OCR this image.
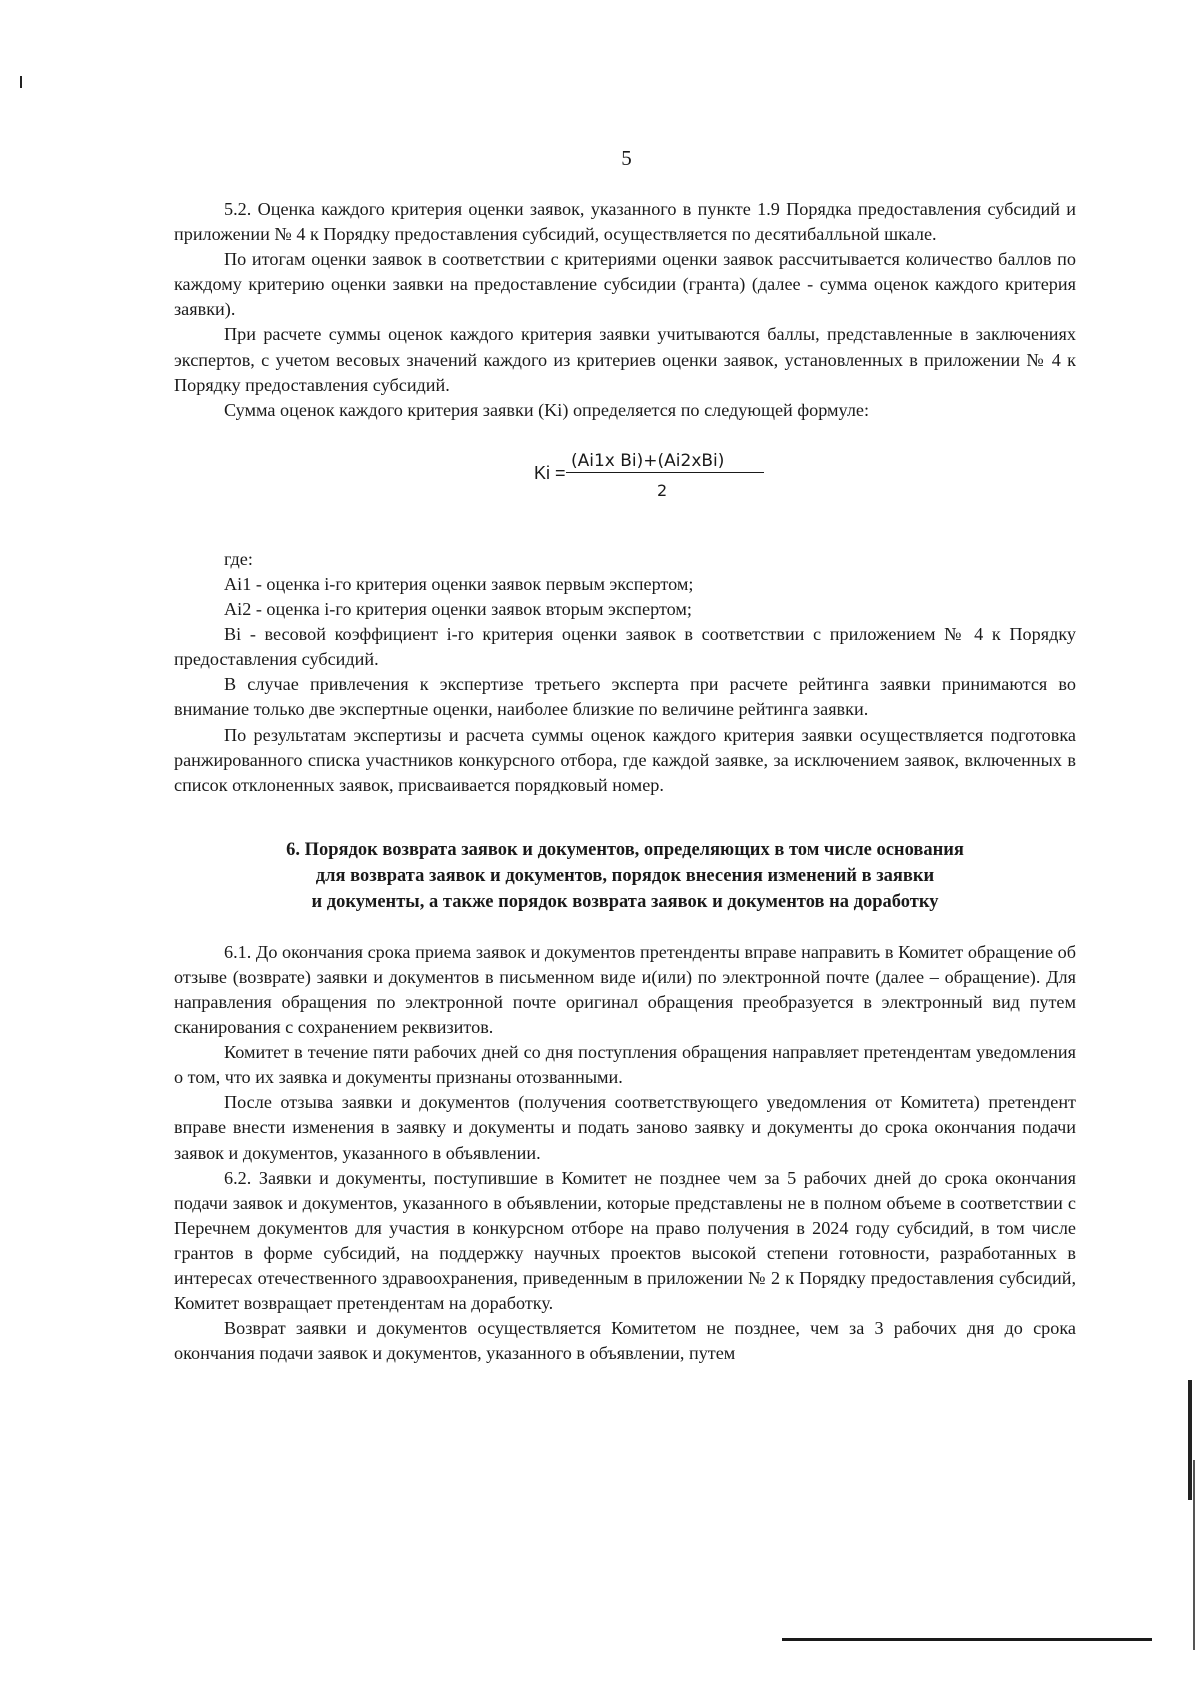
5

5.2. Оценка каждого критерия оценки заявок, указанного в пункте 1.9 Порядка предоставления субсидий и приложении № 4 к Порядку предоставления субсидий, осуществляется по десятибалльной шкале.

По итогам оценки заявок в соответствии с критериями оценки заявок рассчитывается количество баллов по каждому критерию оценки заявки на предоставление субсидии (гранта) (далее - сумма оценок каждого критерия заявки).

При расчете суммы оценок каждого критерия заявки учитываются баллы, представленные в заключениях экспертов, с учетом весовых значений каждого из критериев оценки заявок, установленных в приложении № 4 к Порядку предоставления субсидий.

Сумма оценок каждого критерия заявки (Ki) определяется по следующей формуле:

Ki =
(Ai1x Bi)+(Ai2xBi)
2

где:

Ai1 - оценка i-го критерия оценки заявок первым экспертом;

Ai2 - оценка i-го критерия оценки заявок вторым экспертом;

Bi - весовой коэффициент i-го критерия оценки заявок в соответствии с приложением № 4 к Порядку предоставления субсидий.

В случае привлечения к экспертизе третьего эксперта при расчете рейтинга заявки принимаются во внимание только две экспертные оценки, наиболее близкие по величине рейтинга заявки.

По результатам экспертизы и расчета суммы оценок каждого критерия заявки осуществляется подготовка ранжированного списка участников конкурсного отбора, где каждой заявке, за исключением заявок, включенных в список отклоненных заявок, присваивается порядковый номер.

6. Порядок возврата заявок и документов, определяющих в том числе основания
для возврата заявок и документов, порядок внесения изменений в заявки
и документы, а также порядок возврата заявок и документов на доработку

6.1. До окончания срока приема заявок и документов претенденты вправе направить в Комитет обращение об отзыве (возврате) заявки и документов в письменном виде и(или) по электронной почте (далее – обращение). Для направления обращения по электронной почте оригинал обращения преобразуется в электронный вид путем сканирования с сохранением реквизитов.

Комитет в течение пяти рабочих дней со дня поступления обращения направляет претендентам уведомления о том, что их заявка и документы признаны отозванными.

После отзыва заявки и документов (получения соответствующего уведомления от Комитета) претендент вправе внести изменения в заявку и документы и подать заново заявку и документы до срока окончания подачи заявок и документов, указанного в объявлении.

6.2. Заявки и документы, поступившие в Комитет не позднее чем за 5 рабочих дней до срока окончания подачи заявок и документов, указанного в объявлении, которые представлены не в полном объеме в соответствии с Перечнем документов для участия в конкурсном отборе на право получения в 2024 году субсидий, в том числе грантов в форме субсидий, на поддержку научных проектов высокой степени готовности, разработанных в интересах отечественного здравоохранения, приведенным в приложении № 2 к Порядку предоставления субсидий, Комитет возвращает претендентам на доработку.

Возврат заявки и документов осуществляется Комитетом не позднее, чем за 3 рабочих дня до срока окончания подачи заявок и документов, указанного в объявлении, путем
